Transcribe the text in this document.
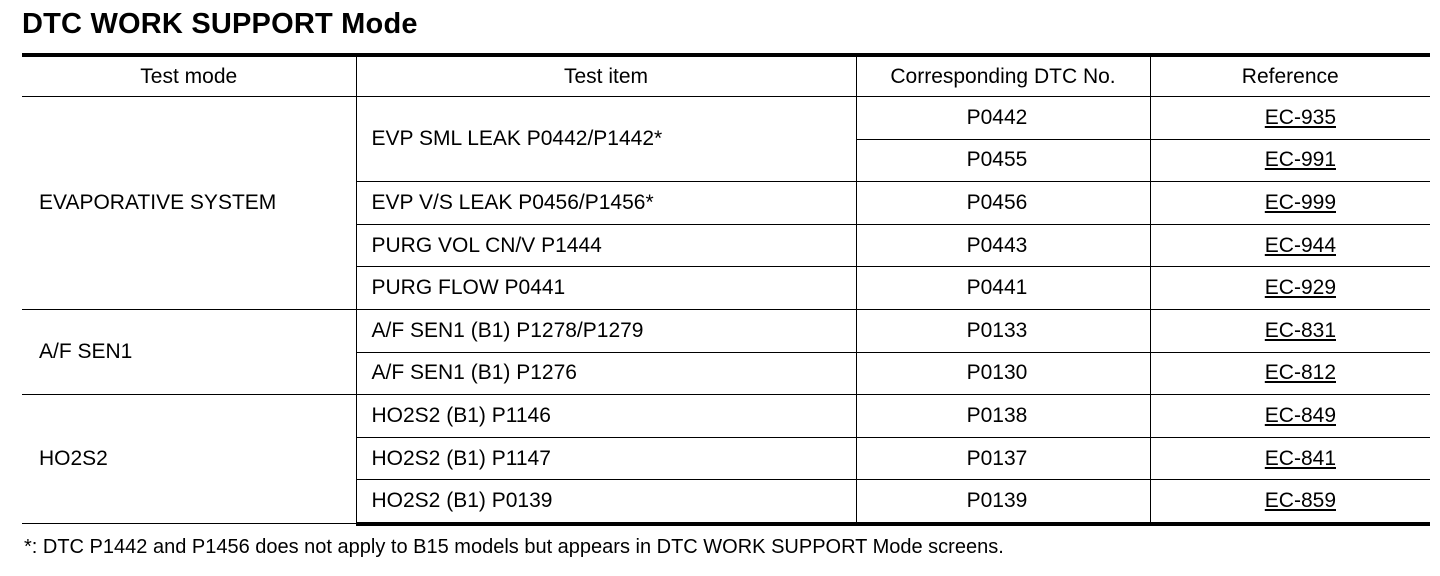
DTC WORK SUPPORT Mode
Test mode	Test item	Corresponding DTC No.	Reference
EVAPORATIVE SYSTEM	EVP SML LEAK P0442/P1442*	P0442	EC-935
		P0455	EC-991
	EVP V/S LEAK P0456/P1456*	P0456	EC-999
	PURG VOL CN/V P1444	P0443	EC-944
	PURG FLOW P0441	P0441	EC-929
A/F SEN1	A/F SEN1 (B1) P1278/P1279	P0133	EC-831
	A/F SEN1 (B1) P1276	P0130	EC-812
HO2S2	HO2S2 (B1) P1146	P0138	EC-849
	HO2S2 (B1) P1147	P0137	EC-841
	HO2S2 (B1) P0139	P0139	EC-859
*: DTC P1442 and P1456 does not apply to B15 models but appears in DTC WORK SUPPORT Mode screens.
